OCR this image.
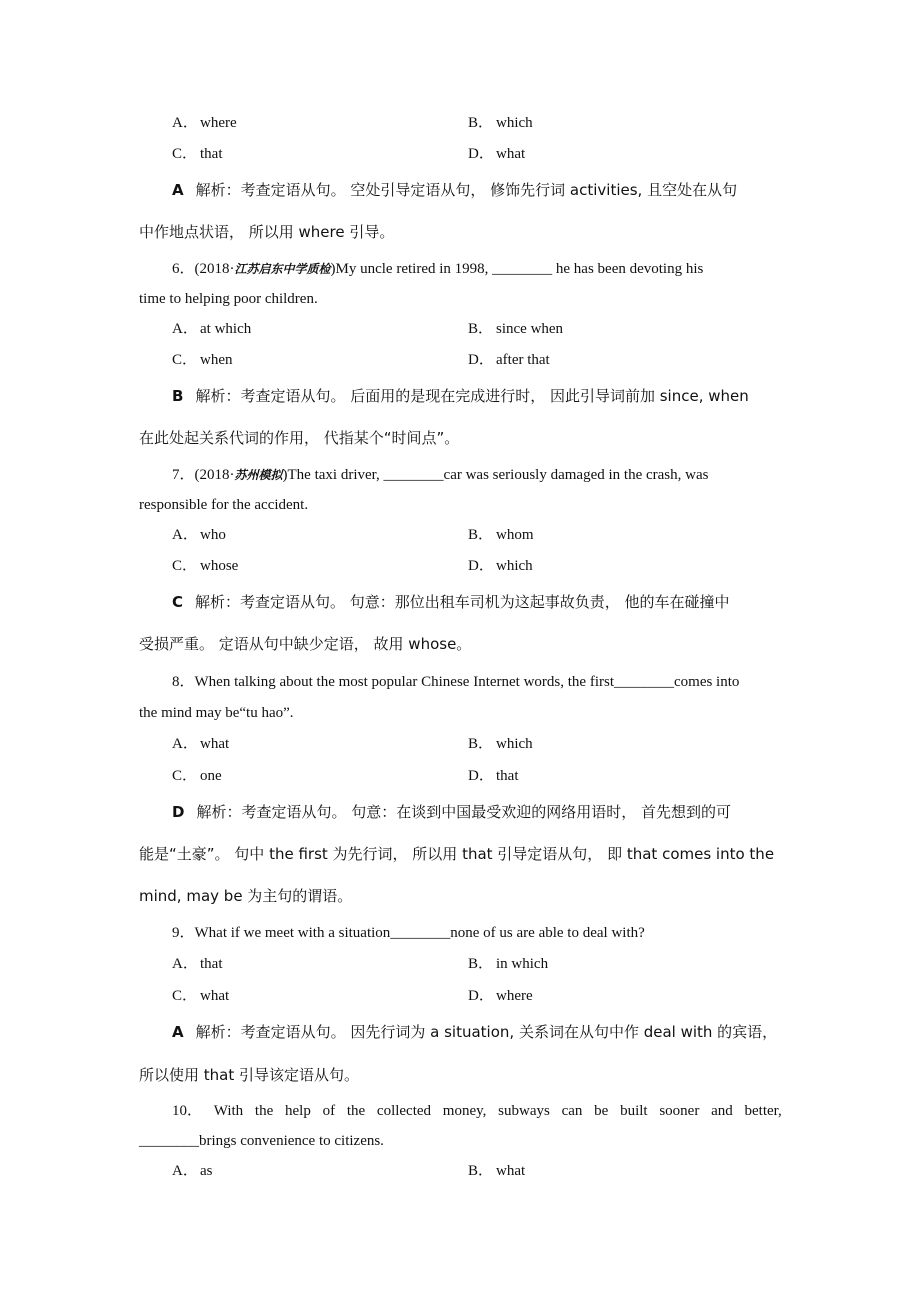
A． where	B． which
C． that	D． what
A 解析：考查定语从句。 空处引导定语从句， 修饰先行词 activities, 且空处在从句
中作地点状语， 所以用 where 引导。
6．(2018·江苏启东中学质检)My uncle retired in 1998, ________ he has been devoting his
time to helping poor children.
A． at which	B． since when
C． when	D． after that
B 解析：考查定语从句。 后面用的是现在完成进行时， 因此引导词前加 since, when
在此处起关系代词的作用， 代指某个“时间点”。
7．(2018·苏州模拟)The taxi driver, ________car was seriously damaged in the crash, was
responsible for the accident.
A． who	B． whom
C． whose	D． which
C 解析：考查定语从句。 句意：那位出租车司机为这起事故负责， 他的车在碰撞中
受损严重。 定语从句中缺少定语， 故用 whose。
8．When talking about the most popular Chinese Internet words, the first________comes into
the mind may be“tu hao”.
A． what	B． which
C． one	D． that
D 解析：考查定语从句。 句意：在谈到中国最受欢迎的网络用语时， 首先想到的可
能是“土豪”。 句中 the first 为先行词， 所以用 that 引导定语从句， 即 that comes into the
mind, may be 为主句的谓语。
9．What if we meet with a situation________none of us are able to deal with?
A． that	B． in which
C． what	D． where
A 解析：考查定语从句。 因先行词为 a situation, 关系词在从句中作 deal with 的宾语，
所以使用 that 引导该定语从句。
10． With the help of the collected money, subways can be built sooner and better,
________brings convenience to citizens.
A． as	B． what
